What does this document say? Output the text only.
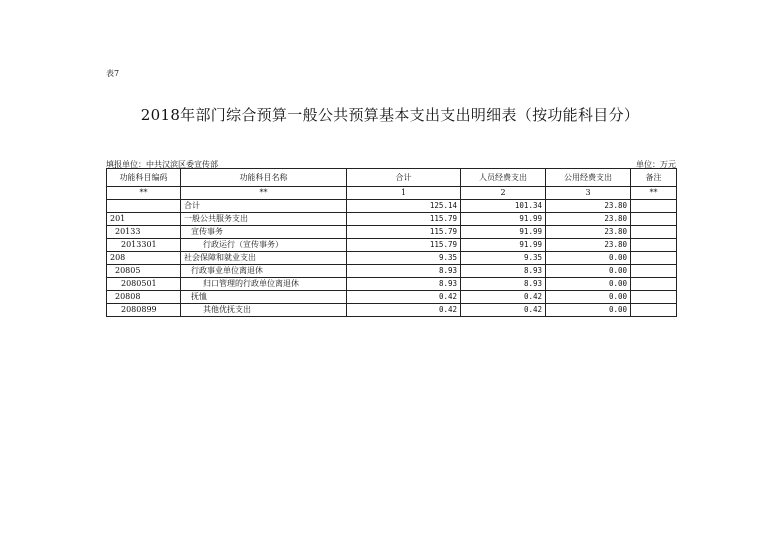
表7
2018年部门综合预算一般公共预算基本支出支出明细表（按功能科目分）
填报单位：中共汉滨区委宣传部	单位：万元
功能科目编码	功能科目名称	合计	人员经费支出	公用经费支出	备注
**	**	1	2	3	**
	合计	125.14	101.34	23.80	
201	一般公共服务支出	115.79	91.99	23.80	
20133	宣传事务	115.79	91.99	23.80	
2013301	行政运行（宣传事务）	115.79	91.99	23.80	
208	社会保障和就业支出	9.35	9.35	0.00	
20805	行政事业单位离退休	8.93	8.93	0.00	
2080501	归口管理的行政单位离退休	8.93	8.93	0.00	
20808	抚恤	0.42	0.42	0.00	
2080899	其他优抚支出	0.42	0.42	0.00	
